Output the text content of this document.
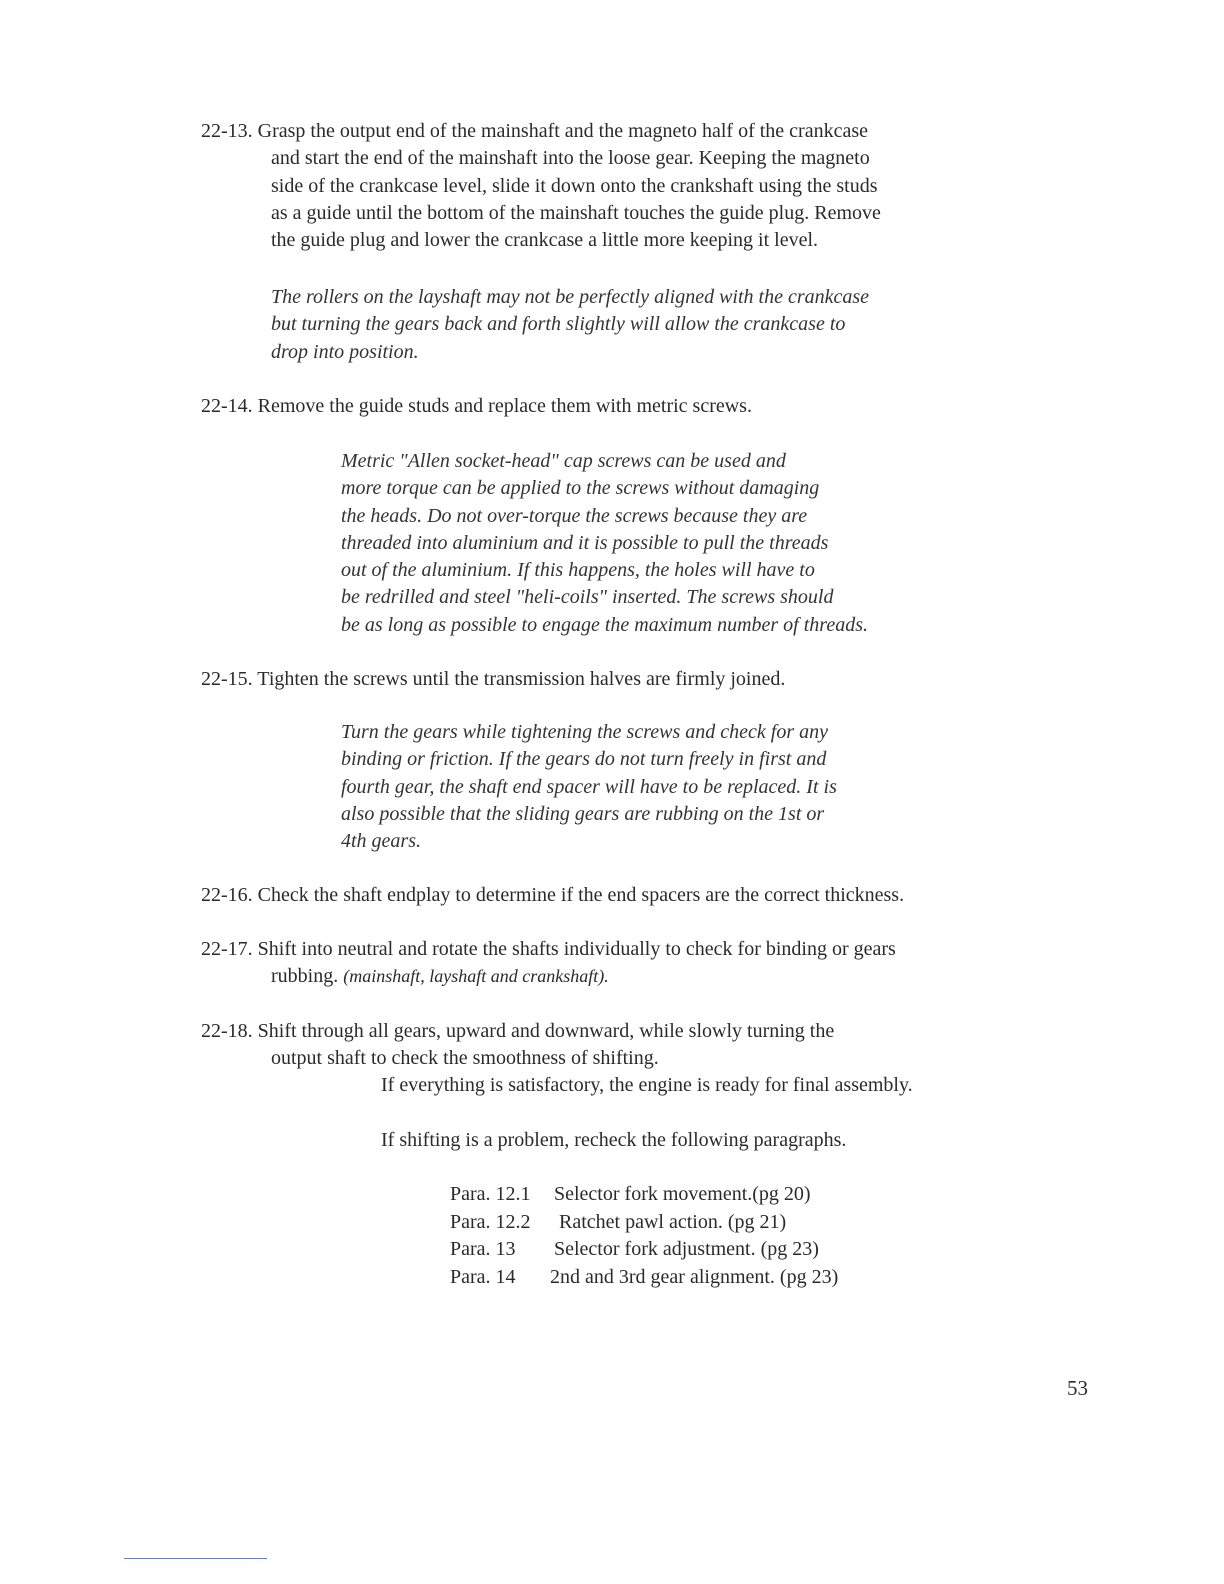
22-13. Grasp the output end of the mainshaft and the magneto half of the crankcase
and start the end of the mainshaft into the loose gear. Keeping the magneto
side of the crankcase level, slide it down onto the crankshaft using the studs
as a guide until the bottom of the mainshaft touches the guide plug. Remove
the guide plug and lower the crankcase a little more keeping it level.
The rollers on the layshaft may not be perfectly aligned with the crankcase
but turning the gears back and forth slightly will allow the crankcase to
drop into position.
22-14. Remove the guide studs and replace them with metric screws.
Metric "Allen socket-head" cap screws can be used and
more torque can be applied to the screws without damaging
the heads. Do not over-torque the screws because they are
threaded into aluminium and it is possible to pull the threads
out of the aluminium. If this happens, the holes will have to
be redrilled and steel "heli-coils" inserted. The screws should
be as long as possible to engage the maximum number of threads.
22-15. Tighten the screws until the transmission halves are firmly joined.
Turn the gears while tightening the screws and check for any
binding or friction. If the gears do not turn freely in first and
fourth gear, the shaft end spacer will have to be replaced. It is
also possible that the sliding gears are rubbing on the 1st or
4th gears.
22-16. Check the shaft endplay to determine if the end spacers are the correct thickness.
22-17. Shift into neutral and rotate the shafts individually to check for binding or gears
rubbing. (mainshaft, layshaft and crankshaft).
22-18. Shift through all gears, upward and downward, while slowly turning the
output shaft to check the smoothness of shifting.
If everything is satisfactory, the engine is ready for final assembly.
If shifting is a problem, recheck the following paragraphs.
Para. 12.1 Selector fork movement.(pg 20)
Para. 12.2 Ratchet pawl action. (pg 21)
Para. 13 Selector fork adjustment. (pg 23)
Para. 14 2nd and 3rd gear alignment. (pg 23)
53
